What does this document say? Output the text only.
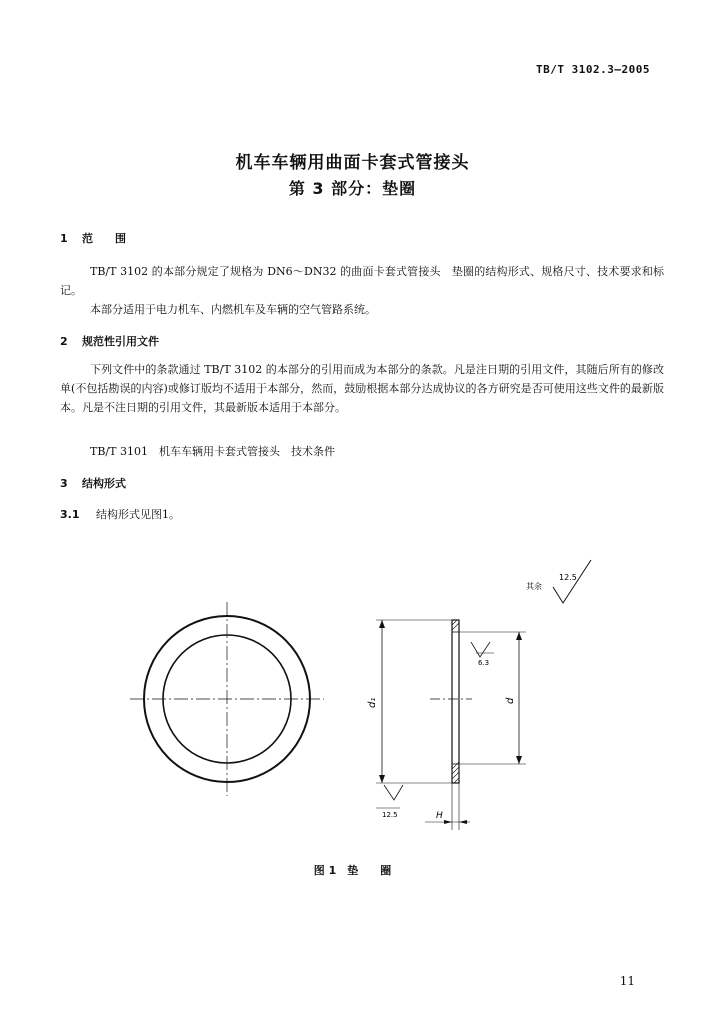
TB/T 3102.3—2005
机车车辆用曲面卡套式管接头
第 3 部分：垫圈
1 范　　围
TB/T 3102 的本部分规定了规格为 DN6～DN32 的曲面卡套式管接头　垫圈的结构形式、规格尺寸、技术要求和标记。
本部分适用于电力机车、内燃机车及车辆的空气管路系统。
2 规范性引用文件
下列文件中的条款通过 TB/T 3102 的本部分的引用而成为本部分的条款。凡是注日期的引用文件，其随后所有的修改单(不包括勘误的内容)或修订版均不适用于本部分，然而，鼓励根据本部分达成协议的各方研究是否可使用这些文件的最新版本。凡是不注日期的引用文件，其最新版本适用于本部分。
TB/T 3101　机车车辆用卡套式管接头　技术条件
3 结构形式
3.1 结构形式见图1。
其余
12.5
d₁	d
6.3
12.5	H
图 1　垫　　圈
11
